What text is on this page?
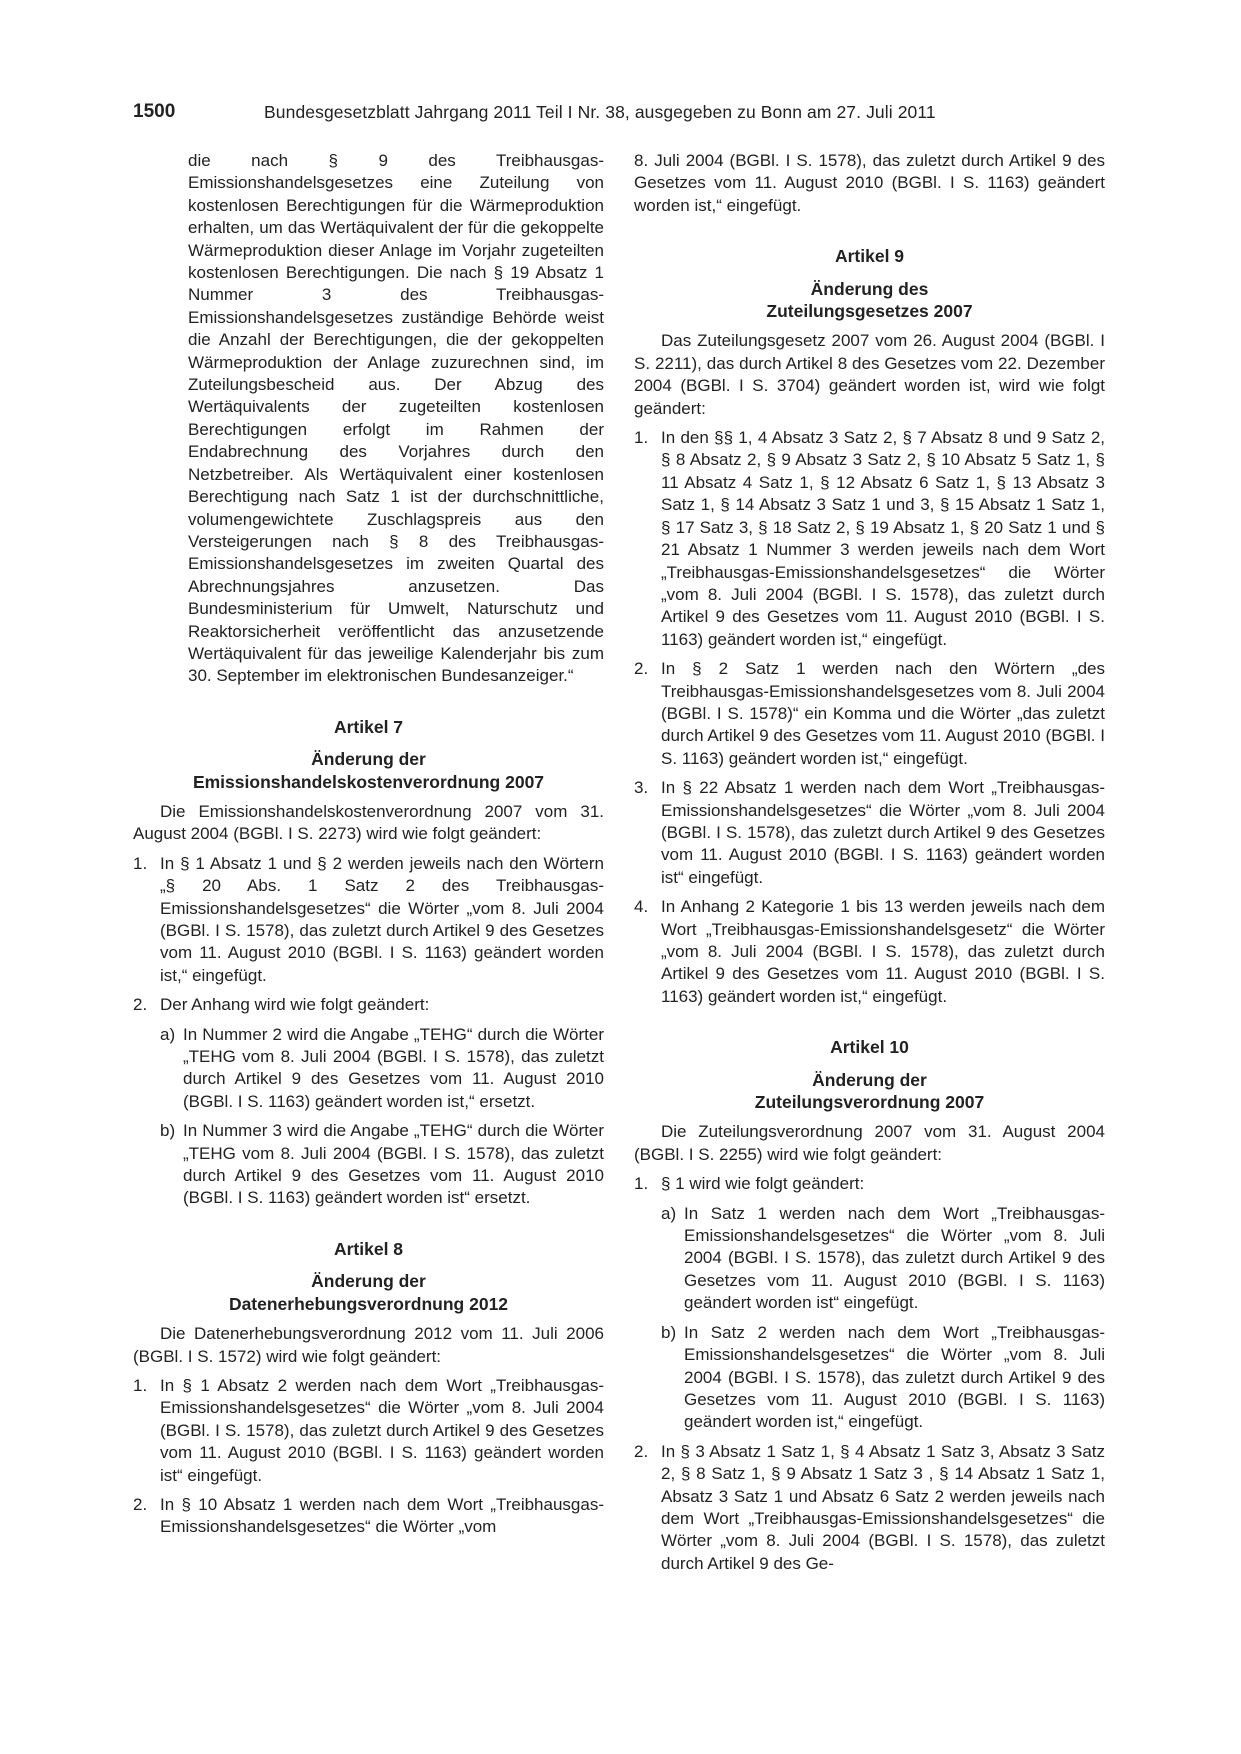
1500	Bundesgesetzblatt Jahrgang 2011 Teil I Nr. 38, ausgegeben zu Bonn am 27. Juli 2011

die nach § 9 des Treibhausgas-Emissionshandelsgesetzes eine Zuteilung von kostenlosen Berechtigungen für die Wärmeproduktion erhalten, um das Wertäquivalent der für die gekoppelte Wärmeproduktion dieser Anlage im Vorjahr zugeteilten kostenlosen Berechtigungen. Die nach § 19 Absatz 1 Nummer 3 des Treibhausgas-Emissionshandelsgesetzes zuständige Behörde weist die Anzahl der Berechtigungen, die der gekoppelten Wärmeproduktion der Anlage zuzurechnen sind, im Zuteilungsbescheid aus. Der Abzug des Wertäquivalents der zugeteilten kostenlosen Berechtigungen erfolgt im Rahmen der Endabrechnung des Vorjahres durch den Netzbetreiber. Als Wertäquivalent einer kostenlosen Berechtigung nach Satz 1 ist der durchschnittliche, volumengewichtete Zuschlagspreis aus den Versteigerungen nach § 8 des Treibhausgas-Emissionshandelsgesetzes im zweiten Quartal des Abrechnungsjahres anzusetzen. Das Bundesministerium für Umwelt, Naturschutz und Reaktorsicherheit veröffentlicht das anzusetzende Wertäquivalent für das jeweilige Kalenderjahr bis zum 30. September im elektronischen Bundesanzeiger.“

Artikel 7
Änderung der
Emissionshandelskostenverordnung 2007

Die Emissionshandelskostenverordnung 2007 vom 31. August 2004 (BGBl. I S. 2273) wird wie folgt geändert:

1. In § 1 Absatz 1 und § 2 werden jeweils nach den Wörtern „§ 20 Abs. 1 Satz 2 des Treibhausgas-Emissionshandelsgesetzes“ die Wörter „vom 8. Juli 2004 (BGBl. I S. 1578), das zuletzt durch Artikel 9 des Gesetzes vom 11. August 2010 (BGBl. I S. 1163) geändert worden ist,“ eingefügt.
2. Der Anhang wird wie folgt geändert:
a) In Nummer 2 wird die Angabe „TEHG“ durch die Wörter „TEHG vom 8. Juli 2004 (BGBl. I S. 1578), das zuletzt durch Artikel 9 des Gesetzes vom 11. August 2010 (BGBl. I S. 1163) geändert worden ist,“ ersetzt.
b) In Nummer 3 wird die Angabe „TEHG“ durch die Wörter „TEHG vom 8. Juli 2004 (BGBl. I S. 1578), das zuletzt durch Artikel 9 des Gesetzes vom 11. August 2010 (BGBl. I S. 1163) geändert worden ist“ ersetzt.
Artikel 8
Änderung der
Datenerhebungsverordnung 2012

Die Datenerhebungsverordnung 2012 vom 11. Juli 2006 (BGBl. I S. 1572) wird wie folgt geändert:

1. In § 1 Absatz 2 werden nach dem Wort „Treibhausgas-Emissionshandelsgesetzes“ die Wörter „vom 8. Juli 2004 (BGBl. I S. 1578), das zuletzt durch Artikel 9 des Gesetzes vom 11. August 2010 (BGBl. I S. 1163) geändert worden ist“ eingefügt.
2. In § 10 Absatz 1 werden nach dem Wort „Treibhausgas-Emissionshandelsgesetzes“ die Wörter „vom

8. Juli 2004 (BGBl. I S. 1578), das zuletzt durch Artikel 9 des Gesetzes vom 11. August 2010 (BGBl. I S. 1163) geändert worden ist,“ eingefügt.

Artikel 9
Änderung des
Zuteilungsgesetzes 2007

Das Zuteilungsgesetz 2007 vom 26. August 2004 (BGBl. I S. 2211), das durch Artikel 8 des Gesetzes vom 22. Dezember 2004 (BGBl. I S. 3704) geändert worden ist, wird wie folgt geändert:

1. In den §§ 1, 4 Absatz 3 Satz 2, § 7 Absatz 8 und 9 Satz 2, § 8 Absatz 2, § 9 Absatz 3 Satz 2, § 10 Absatz 5 Satz 1, § 11 Absatz 4 Satz 1, § 12 Absatz 6 Satz 1, § 13 Absatz 3 Satz 1, § 14 Absatz 3 Satz 1 und 3, § 15 Absatz 1 Satz 1, § 17 Satz 3, § 18 Satz 2, § 19 Absatz 1, § 20 Satz 1 und § 21 Absatz 1 Nummer 3 werden jeweils nach dem Wort „Treibhausgas-Emissionshandelsgesetzes“ die Wörter „vom 8. Juli 2004 (BGBl. I S. 1578), das zuletzt durch Artikel 9 des Gesetzes vom 11. August 2010 (BGBl. I S. 1163) geändert worden ist,“ eingefügt.
2. In § 2 Satz 1 werden nach den Wörtern „des Treibhausgas-Emissionshandelsgesetzes vom 8. Juli 2004 (BGBl. I S. 1578)“ ein Komma und die Wörter „das zuletzt durch Artikel 9 des Gesetzes vom 11. August 2010 (BGBl. I S. 1163) geändert worden ist,“ eingefügt.
3. In § 22 Absatz 1 werden nach dem Wort „Treibhausgas-Emissionshandelsgesetzes“ die Wörter „vom 8. Juli 2004 (BGBl. I S. 1578), das zuletzt durch Artikel 9 des Gesetzes vom 11. August 2010 (BGBl. I S. 1163) geändert worden ist“ eingefügt.
4. In Anhang 2 Kategorie 1 bis 13 werden jeweils nach dem Wort „Treibhausgas-Emissionshandelsgesetz“ die Wörter „vom 8. Juli 2004 (BGBl. I S. 1578), das zuletzt durch Artikel 9 des Gesetzes vom 11. August 2010 (BGBl. I S. 1163) geändert worden ist,“ eingefügt.
Artikel 10
Änderung der
Zuteilungsverordnung 2007

Die Zuteilungsverordnung 2007 vom 31. August 2004 (BGBl. I S. 2255) wird wie folgt geändert:

1. § 1 wird wie folgt geändert:
a) In Satz 1 werden nach dem Wort „Treibhausgas-Emissionshandelsgesetzes“ die Wörter „vom 8. Juli 2004 (BGBl. I S. 1578), das zuletzt durch Artikel 9 des Gesetzes vom 11. August 2010 (BGBl. I S. 1163) geändert worden ist“ eingefügt.
b) In Satz 2 werden nach dem Wort „Treibhausgas-Emissionshandelsgesetzes“ die Wörter „vom 8. Juli 2004 (BGBl. I S. 1578), das zuletzt durch Artikel 9 des Gesetzes vom 11. August 2010 (BGBl. I S. 1163) geändert worden ist,“ eingefügt.
2. In § 3 Absatz 1 Satz 1, § 4 Absatz 1 Satz 3, Absatz 3 Satz 2, § 8 Satz 1, § 9 Absatz 1 Satz 3 , § 14 Absatz 1 Satz 1, Absatz 3 Satz 1 und Absatz 6 Satz 2 werden jeweils nach dem Wort „Treibhausgas-Emissionshandelsgesetzes“ die Wörter „vom 8. Juli 2004 (BGBl. I S. 1578), das zuletzt durch Artikel 9 des Ge-
